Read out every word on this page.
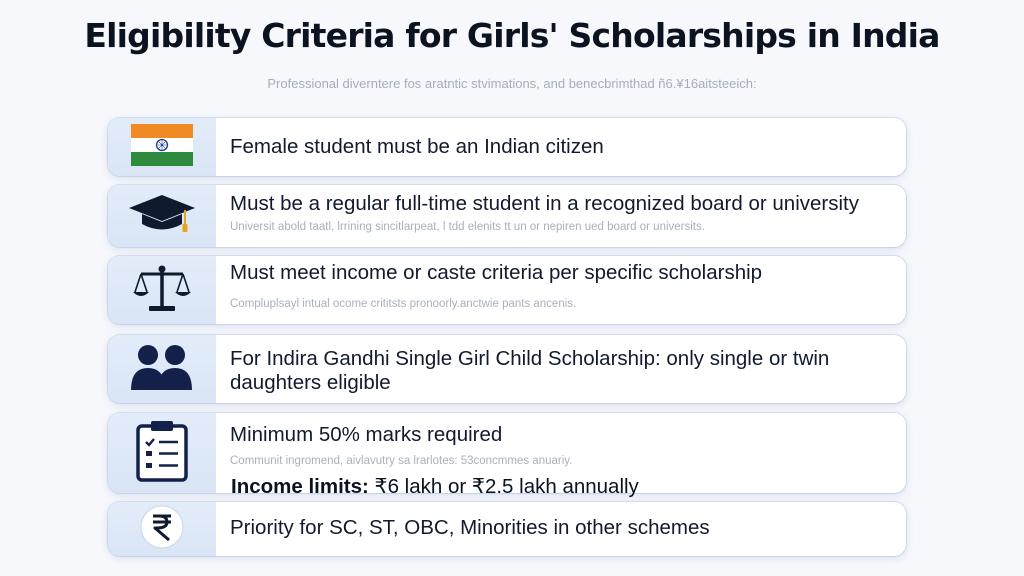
Eligibility Criteria for Girls' Scholarships in India
Professional diverntere fos aratntic stvimations, and benecbrimthad ñ6.¥16aitsteeich:
Female student must be an Indian citizen
Must be a regular full-time student in a recognized board or university
Universit abold taatl, lrrining sincitlarpeat, l tdd elenits tt un or nepiren ued board or universits.
Must meet income or caste criteria per specific scholarship
Compluplsayl intual ocome crititsts pronoorly.anctwie pants ancenis.
For Indira Gandhi Single Girl Child Scholarship: only single or twin daughters eligible
Minimum 50% marks required
Communit ingromend, aivlavutry sa lrarlotes: 53concmmes anuariy.
Income limits: ₹6 lakh or ₹2.5 lakh annually
Priority for SC, ST, OBC, Minorities in other schemes
